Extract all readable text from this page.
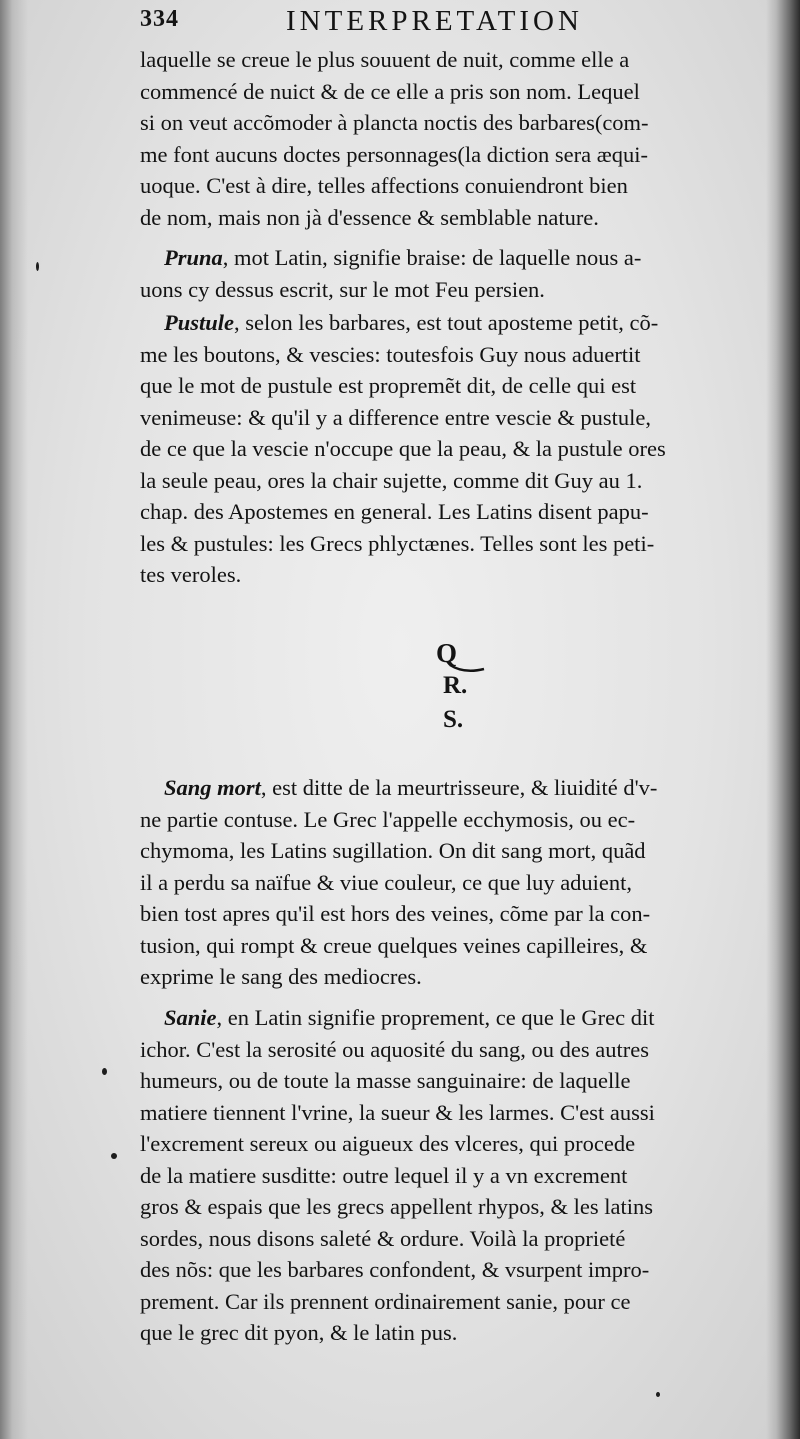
334	INTERPRETATION
laquelle se creue le plus souuent de nuit, comme elle a
commencé de nuict & de ce elle a pris son nom. Lequel
si on veut accõmoder à plancta noctis des barbares(com-
me font aucuns doctes personnages(la diction sera æqui-
uoque. C'est à dire, telles affections conuiendront bien
de nom, mais non jà d'essence & semblable nature.
Pruna, mot Latin, signifie braise: de laquelle nous a-
uons cy dessus escrit, sur le mot Feu persien.
Pustule, selon les barbares, est tout aposteme petit, cõ-
me les boutons, & vescies: toutesfois Guy nous aduertit
que le mot de pustule est propremẽt dit, de celle qui est
venimeuse: & qu'il y a difference entre vescie & pustule,
de ce que la vescie n'occupe que la peau, & la pustule ores
la seule peau, ores la chair sujette, comme dit Guy au 1.
chap. des Apostemes en general. Les Latins disent papu-
les & pustules: les Grecs phlyctænes. Telles sont les peti-
tes veroles.
Q
R.
S.
Sang mort, est ditte de la meurtrisseure, & liuidité d'v-
ne partie contuse. Le Grec l'appelle ecchymosis, ou ec-
chymoma, les Latins sugillation. On dit sang mort, quãd
il a perdu sa naïfue & viue couleur, ce que luy aduient,
bien tost apres qu'il est hors des veines, cõme par la con-
tusion, qui rompt & creue quelques veines capilleires, &
exprime le sang des mediocres.
Sanie, en Latin signifie proprement, ce que le Grec dit
ichor. C'est la serosité ou aquosité du sang, ou des autres
humeurs, ou de toute la masse sanguinaire: de laquelle
matiere tiennent l'vrine, la sueur & les larmes. C'est aussi
l'excrement sereux ou aigueux des vlceres, qui procede
de la matiere susditte: outre lequel il y a vn excrement
gros & espais que les grecs appellent rhypos, & les latins
sordes, nous disons saleté & ordure. Voilà la proprieté
des nõs: que les barbares confondent, & vsurpent impro-
prement. Car ils prennent ordinairement sanie, pour ce
que le grec dit pyon, & le latin pus.
